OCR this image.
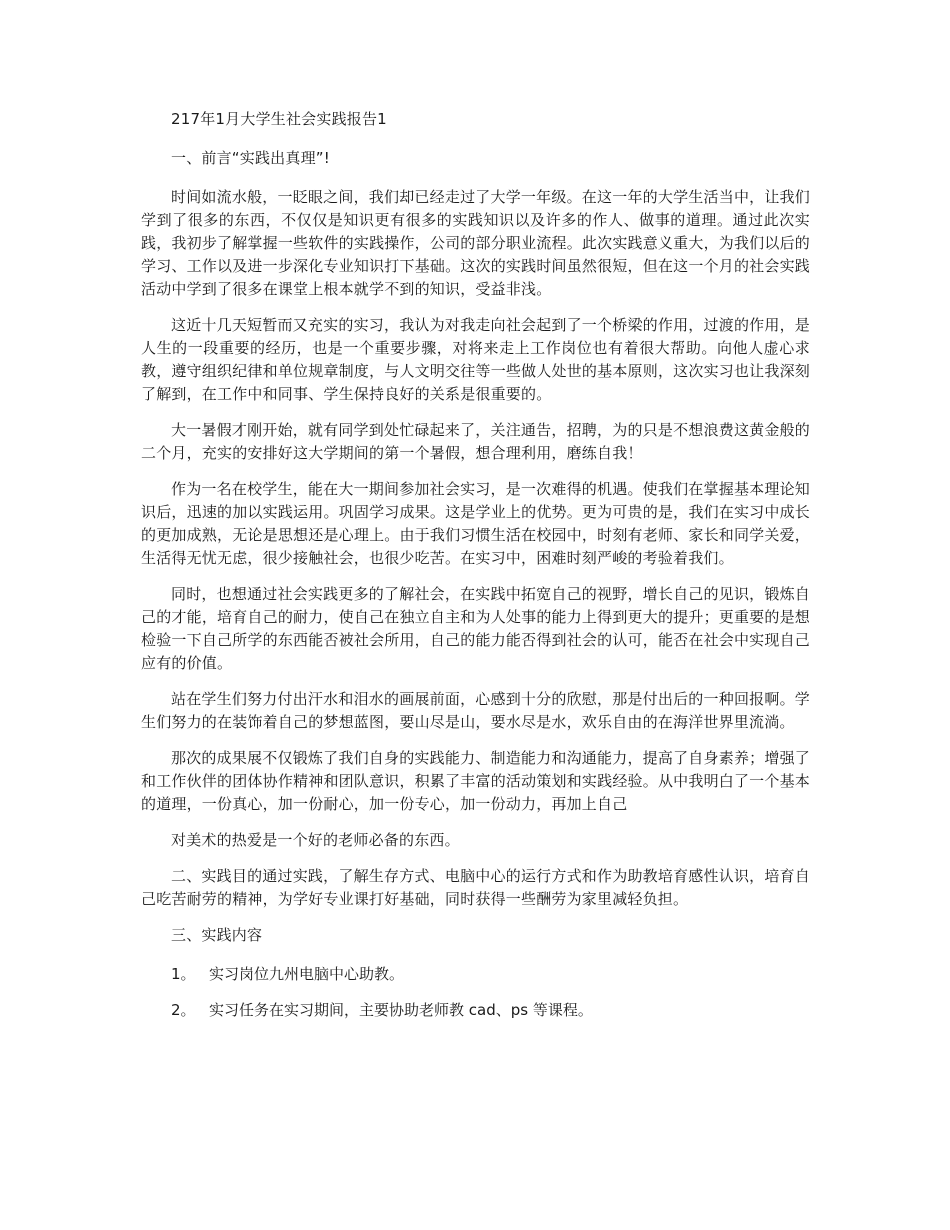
217年1月大学生社会实践报告1

一、前言“实践出真理”!

时间如流水般，一眨眼之间，我们却已经走过了大学一年级。在这一年的大学生活当中，让我们学到了很多的东西，不仅仅是知识更有很多的实践知识以及许多的作人、做事的道理。通过此次实践，我初步了解掌握一些软件的实践操作，公司的部分职业流程。此次实践意义重大，为我们以后的学习、工作以及进一步深化专业知识打下基础。这次的实践时间虽然很短，但在这一个月的社会实践活动中学到了很多在课堂上根本就学不到的知识，受益非浅。

这近十几天短暂而又充实的实习，我认为对我走向社会起到了一个桥梁的作用，过渡的作用，是人生的一段重要的经历，也是一个重要步骤，对将来走上工作岗位也有着很大帮助。向他人虚心求教，遵守组织纪律和单位规章制度，与人文明交往等一些做人处世的基本原则，这次实习也让我深刻了解到，在工作中和同事、学生保持良好的关系是很重要的。

大一暑假才刚开始，就有同学到处忙碌起来了，关注通告，招聘，为的只是不想浪费这黄金般的二个月，充实的安排好这大学期间的第一个暑假，想合理利用，磨练自我！

作为一名在校学生，能在大一期间参加社会实习，是一次难得的机遇。使我们在掌握基本理论知识后，迅速的加以实践运用。巩固学习成果。这是学业上的优势。更为可贵的是，我们在实习中成长的更加成熟，无论是思想还是心理上。由于我们习惯生活在校园中，时刻有老师、家长和同学关爱，生活得无忧无虑，很少接触社会，也很少吃苦。在实习中，困难时刻严峻的考验着我们。

同时，也想通过社会实践更多的了解社会，在实践中拓宽自己的视野，增长自己的见识，锻炼自己的才能，培育自己的耐力，使自己在独立自主和为人处事的能力上得到更大的提升；更重要的是想检验一下自己所学的东西能否被社会所用，自己的能力能否得到社会的认可，能否在社会中实现自己应有的价值。

站在学生们努力付出汗水和泪水的画展前面，心感到十分的欣慰，那是付出后的一种回报啊。学生们努力的在装饰着自己的梦想蓝图，要山尽是山，要水尽是水，欢乐自由的在海洋世界里流淌。

那次的成果展不仅锻炼了我们自身的实践能力、制造能力和沟通能力，提高了自身素养；增强了和工作伙伴的团体协作精神和团队意识，积累了丰富的活动策划和实践经验。从中我明白了一个基本的道理，一份真心，加一份耐心，加一份专心，加一份动力，再加上自己

对美术的热爱是一个好的老师必备的东西。

二、实践目的通过实践，了解生存方式、电脑中心的运行方式和作为助教培育感性认识，培育自己吃苦耐劳的精神，为学好专业课打好基础，同时获得一些酬劳为家里减轻负担。

三、实践内容

1。 实习岗位九州电脑中心助教。
2。 实习任务在实习期间，主要协助老师教 cad、ps 等课程。
